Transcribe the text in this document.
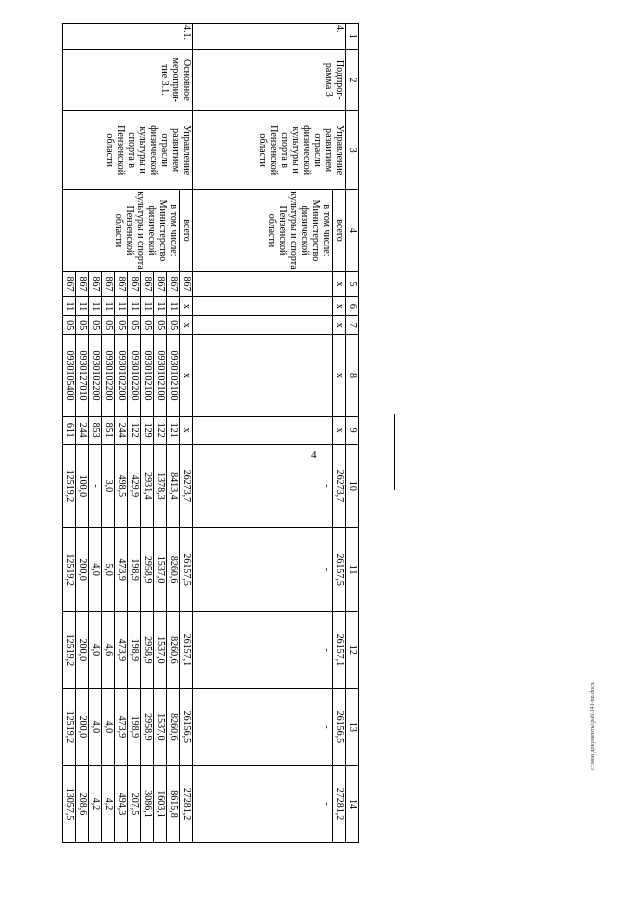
4
c:\мои документы\ра6\141-nn.docx
1	2	3	4	5	6	7	8	9	10	11	12	13	14
4.	Подпрог-рамма 3	Управление развитием отрасли физической культуры и спорта в Пензенской области	всего	x	x	x	x	x	26273,7	26157,5	26157,1	26156,5	27281,2
			в том числе: Министерство физической культуры и спорта Пензенской области						-	-	-	-	-
4.1.	Основное мероприя-тие 3.1.	Управление развитием отрасли физической культуры и спорта в Пензенской области	всего	867	x	x	x	x	26273,7	26157,5	26157,1	26156,5	27281,2
			в том числе: Министерство физической культуры и спорта Пензенской области	867	11	05	0930102100	121	8413,4	8260,6	8260,6	8260,6	8615,8
				867	11	05	0930102100	122	1378,3	1537,0	1537,0	1537,0	1603,1
				867	11	05	0930102100	129	2931,4	2958,9	2958,9	2958,9	3086,1
				867	11	05	0930102200	122	429,9	198,9	198,9	198,9	207,5
				867	11	05	0930102200	244	498,5	473,9	473,9	473,9	494,3
				867	11	05	0930102200	851	3,0	5,0	4,6	4,0	4,2
				867	11	05	0930102200	853	-	4,0	4,0	4,0	4,2
				867	11	05	0930127010	244	100,0	200,0	200,0	200,0	208,6
				867	11	05	0930105400	611	12519,2	12519,2	12519,2	12519,2	13057,5
